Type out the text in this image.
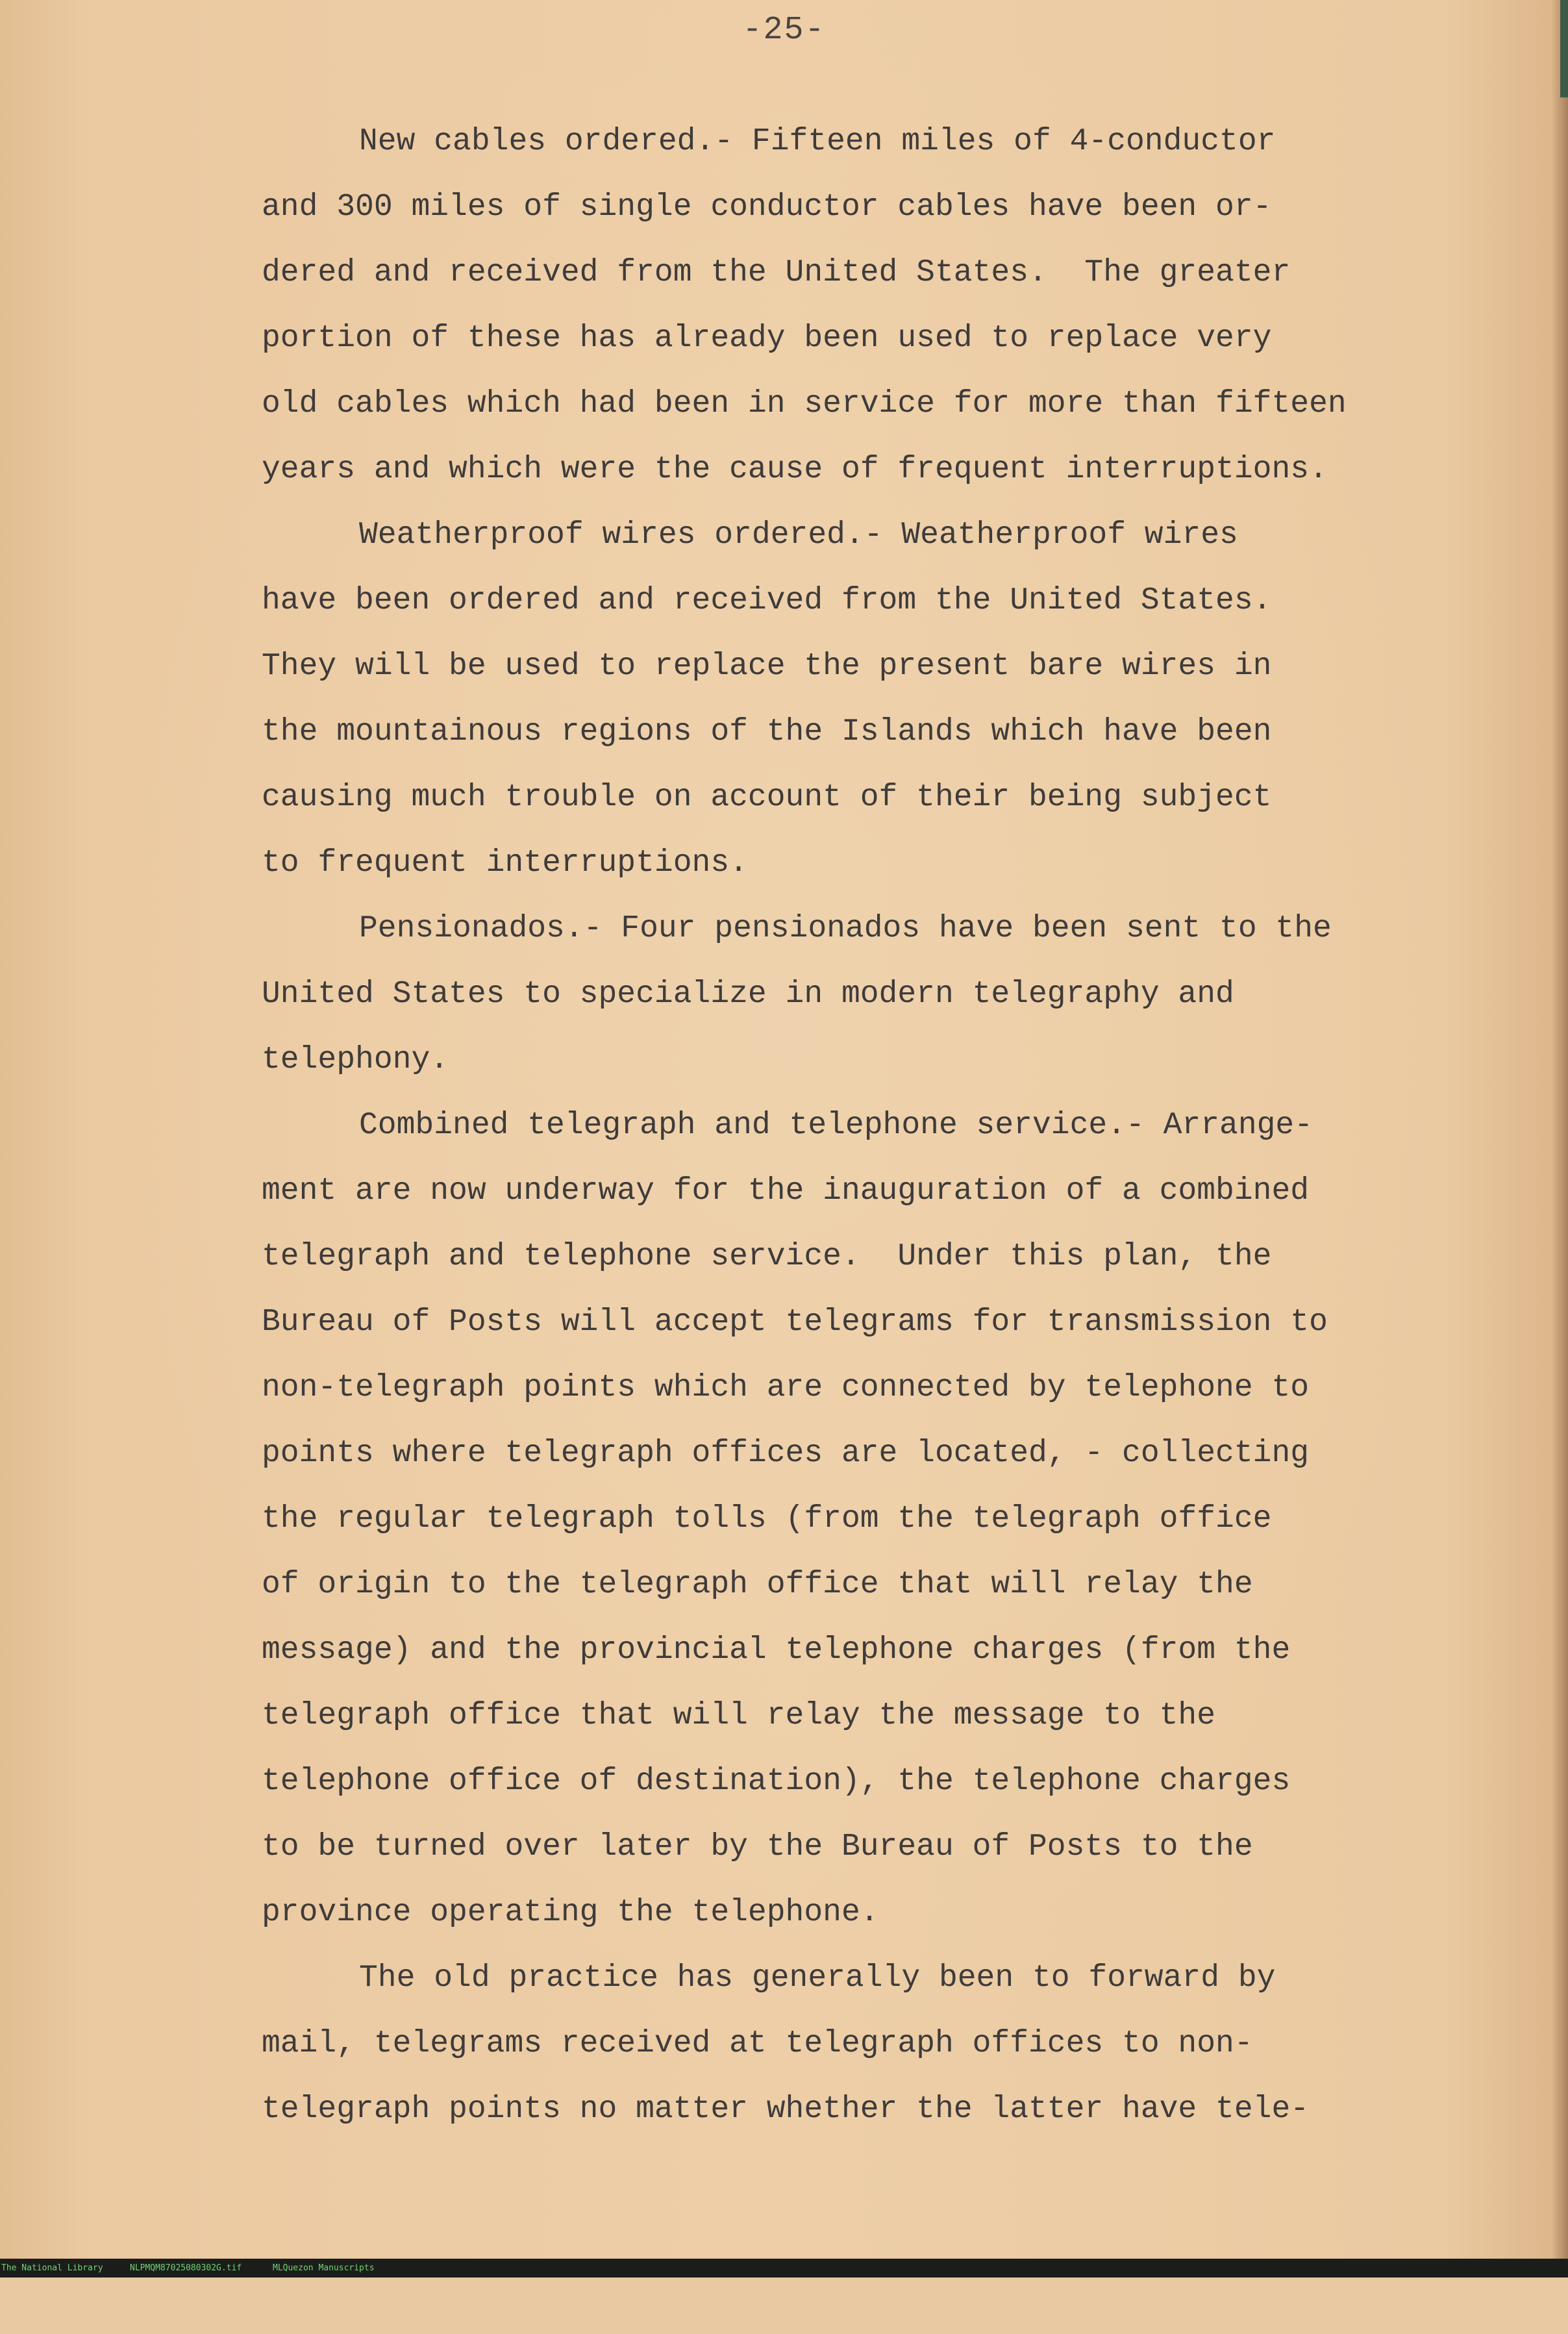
-25-
New cables ordered.- Fifteen miles of 4-conductor
and 300 miles of single conductor cables have been or-
dered and received from the United States.  The greater
portion of these has already been used to replace very
old cables which had been in service for more than fifteen
years and which were the cause of frequent interruptions.
Weatherproof wires ordered.- Weatherproof wires
have been ordered and received from the United States.
They will be used to replace the present bare wires in
the mountainous regions of the Islands which have been
causing much trouble on account of their being subject
to frequent interruptions.
Pensionados.- Four pensionados have been sent to the
United States to specialize in modern telegraphy and
telephony.
Combined telegraph and telephone service.- Arrange-
ment are now underway for the inauguration of a combined
telegraph and telephone service.  Under this plan, the
Bureau of Posts will accept telegrams for transmission to
non-telegraph points which are connected by telephone to
points where telegraph offices are located, - collecting
the regular telegraph tolls (from the telegraph office
of origin to the telegraph office that will relay the
message) and the provincial telephone charges (from the
telegraph office that will relay the message to the
telephone office of destination), the telephone charges
to be turned over later by the Bureau of Posts to the
province operating the telephone.
The old practice has generally been to forward by
mail, telegrams received at telegraph offices to non-
telegraph points no matter whether the latter have tele-

The National Library

	NLPMQM87025080302G.tif

	MLQuezon Manuscripts
